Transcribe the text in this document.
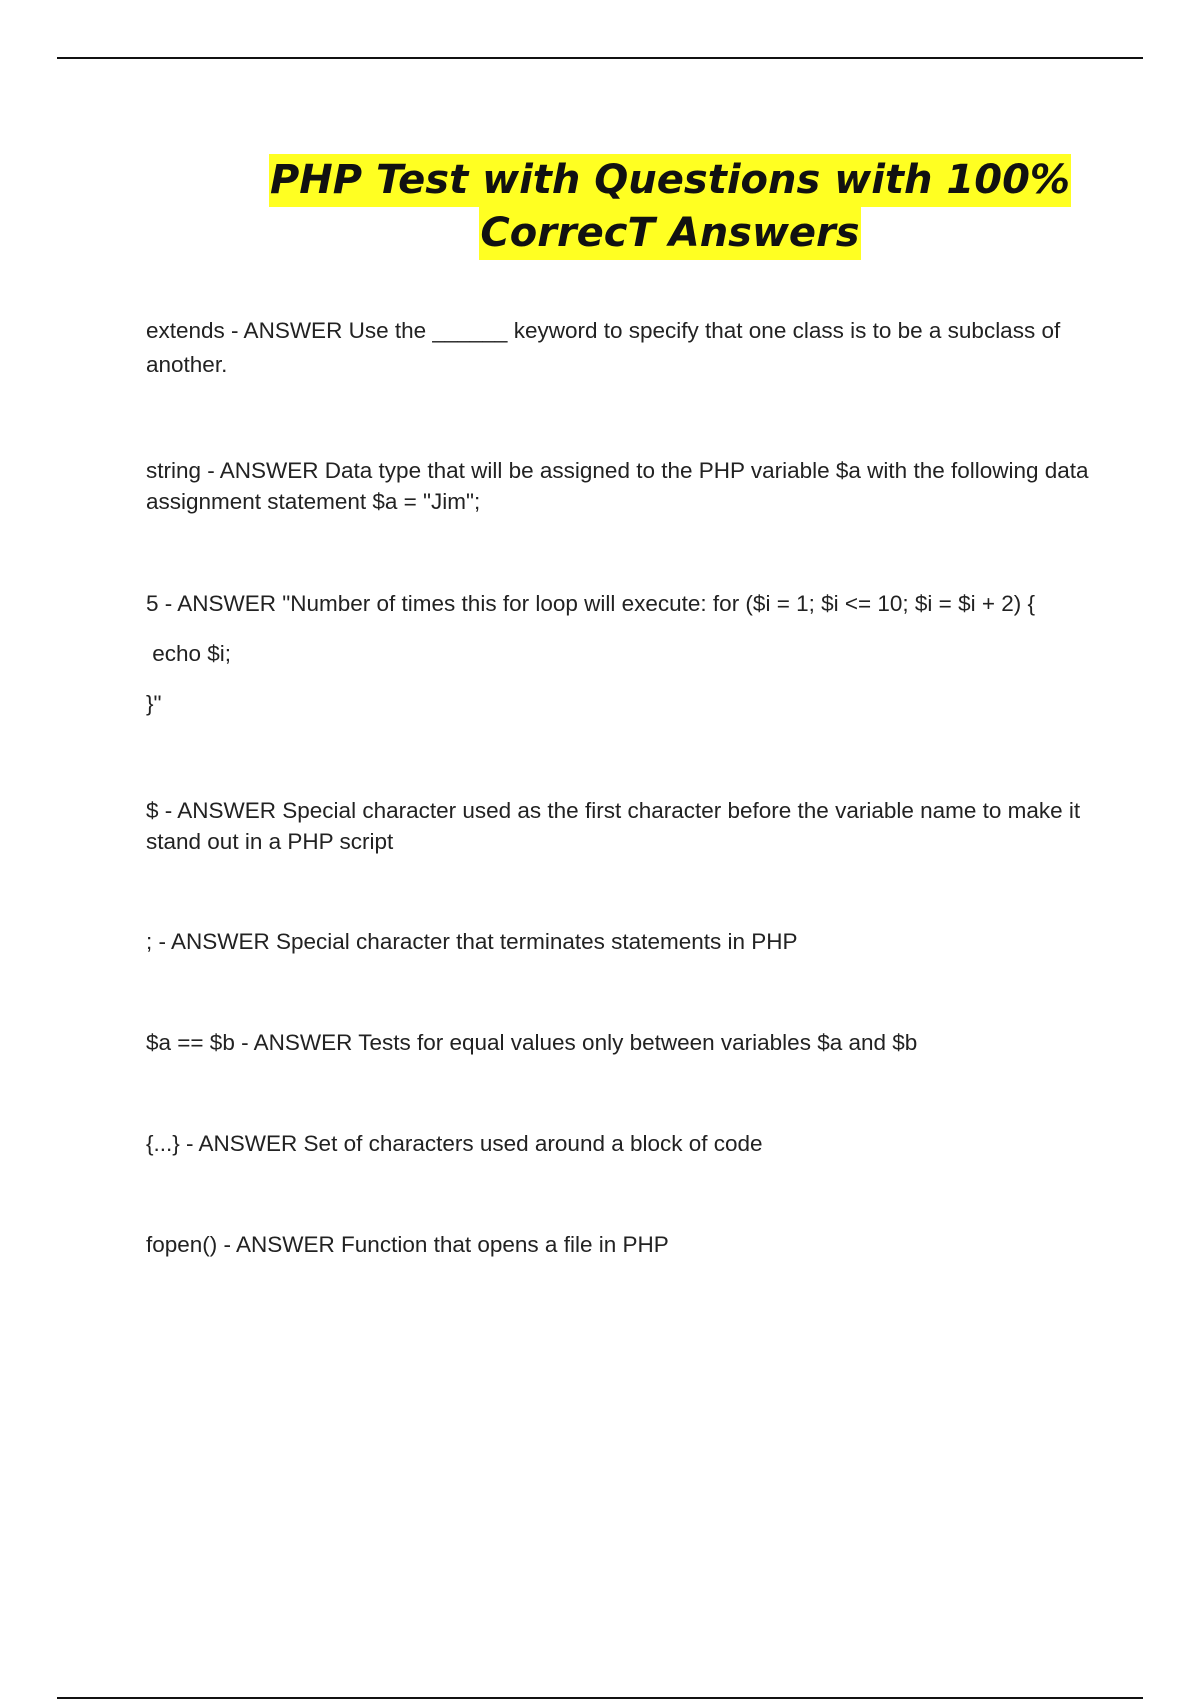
PHP Test with Questions with 100%
CorrecT Answers

extends - ANSWER Use the ______ keyword to specify that one class is to be a subclass of another.

string - ANSWER Data type that will be assigned to the PHP variable $a with the following data assignment statement $a = "Jim";

5 - ANSWER "Number of times this for loop will execute: for ($i = 1; $i <= 10; $i = $i + 2) {

echo $i;

}"

$ - ANSWER Special character used as the first character before the variable name to make it stand out in a PHP script

; - ANSWER Special character that terminates statements in PHP

$a == $b - ANSWER Tests for equal values only between variables $a and $b

{...} - ANSWER Set of characters used around a block of code

fopen() - ANSWER Function that opens a file in PHP
